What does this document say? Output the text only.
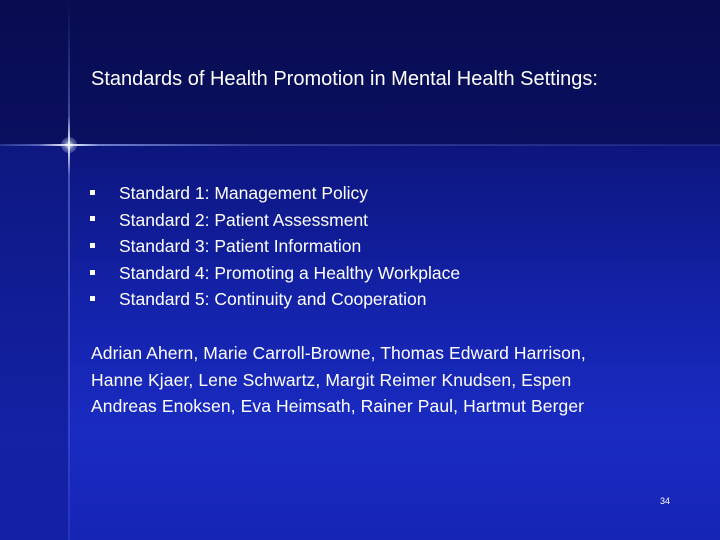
Standards of Health Promotion in Mental Health Settings:
Standard 1: Management Policy
Standard 2: Patient Assessment
Standard 3: Patient Information
Standard 4: Promoting a Healthy Workplace
Standard 5: Continuity and Cooperation

Adrian Ahern, Marie Carroll-Browne, Thomas Edward Harrison,
Hanne Kjaer, Lene Schwartz, Margit Reimer Knudsen, Espen
Andreas Enoksen, Eva Heimsath, Rainer Paul, Hartmut Berger

34
